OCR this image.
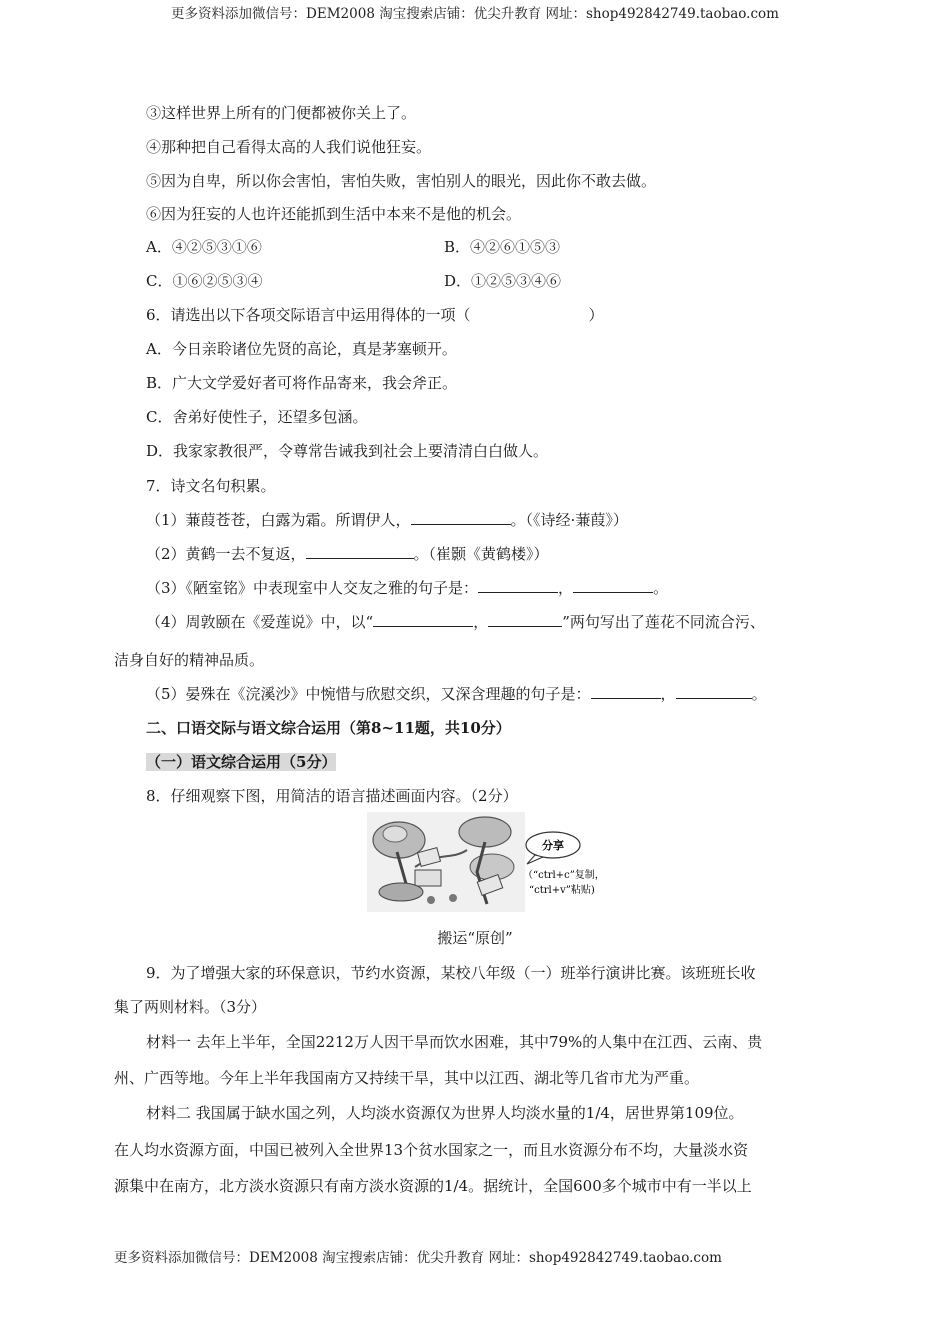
更多资料添加微信号：DEM2008 淘宝搜索店铺：优尖升教育 网址：shop492842749.taobao.com
③这样世界上所有的门便都被你关上了。
④那种把自己看得太高的人我们说他狂妄。
⑤因为自卑，所以你会害怕，害怕失败，害怕别人的眼光，因此你不敢去做。
⑥因为狂妄的人也许还能抓到生活中本来不是他的机会。
A．④②⑤③①⑥	B．④②⑥①⑤③
C．①⑥②⑤③④	D．①②⑤③④⑥
6．请选出以下各项交际语言中运用得体的一项（	）
A．今日亲聆诸位先贤的高论，真是茅塞顿开。
B．广大文学爱好者可将作品寄来，我会斧正。
C．舍弟好使性子，还望多包涵。
D．我家家教很严，令尊常告诫我到社会上要清清白白做人。
7．诗文名句积累。
（1）蒹葭苍苍，白露为霜。所谓伊人，	。（《诗经·蒹葭》）
（2）黄鹤一去不复返，	。（崔颢《黄鹤楼》）
（3）《陋室铭》中表现室中人交友之雅的句子是：	，	。
（4）周敦颐在《爱莲说》中，以“	，	”两句写出了莲花不同流合污、
洁身自好的精神品质。
（5）晏殊在《浣溪沙》中惋惜与欣慰交织，又深含理趣的句子是：	，	。
二、口语交际与语文综合运用（第8~11题，共10分）
（一）语文综合运用（5分）
8．仔细观察下图，用简洁的语言描述画面内容。（2分）
分享
（“ctrl+c”复制，
“ctrl+v”粘贴)
搬运“原创”
9．为了增强大家的环保意识，节约水资源，某校八年级（一）班举行演讲比赛。该班班长收
集了两则材料。（3分）
材料一 去年上半年，全国2212万人因干旱而饮水困难，其中79%的人集中在江西、云南、贵
州、广西等地。今年上半年我国南方又持续干旱，其中以江西、湖北等几省市尤为严重。
材料二 我国属于缺水国之列，人均淡水资源仅为世界人均淡水量的1/4，居世界第109位。
在人均水资源方面，中国已被列入全世界13个贫水国家之一，而且水资源分布不均，大量淡水资
源集中在南方，北方淡水资源只有南方淡水资源的1/4。据统计，全国600多个城市中有一半以上
更多资料添加微信号：DEM2008 淘宝搜索店铺：优尖升教育 网址：shop492842749.taobao.com
